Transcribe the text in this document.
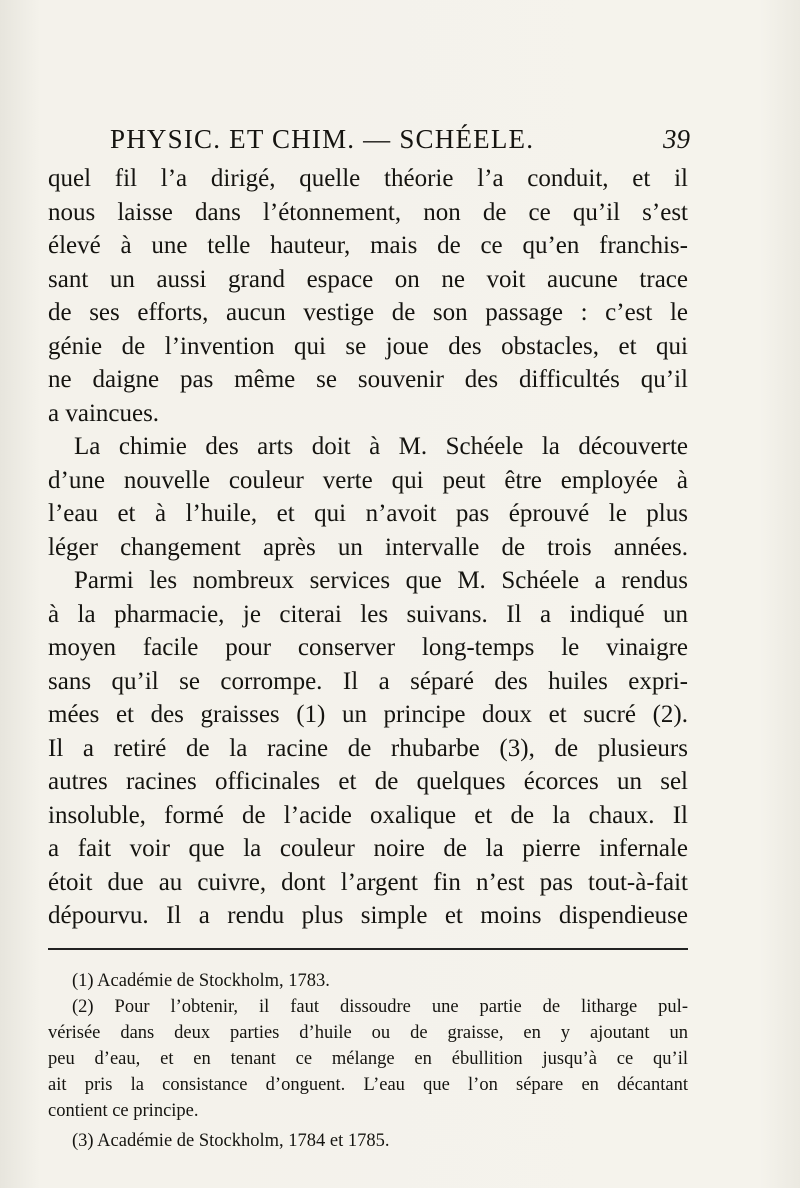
PHYSIC. ET CHIM. — SCHÉELE.	39
quel fil l’a dirigé, quelle théorie l’a conduit, et il
nous laisse dans l’étonnement, non de ce qu’il s’est
élevé à une telle hauteur, mais de ce qu’en franchis-
sant un aussi grand espace on ne voit aucune trace
de ses efforts, aucun vestige de son passage : c’est le
génie de l’invention qui se joue des obstacles, et qui
ne daigne pas même se souvenir des difficultés qu’il
a vaincues.
La chimie des arts doit à M. Schéele la découverte
d’une nouvelle couleur verte qui peut être employée à
l’eau et à l’huile, et qui n’avoit pas éprouvé le plus
léger changement après un intervalle de trois années.
Parmi les nombreux services que M. Schéele a rendus
à la pharmacie, je citerai les suivans. Il a indiqué un
moyen facile pour conserver long-temps le vinaigre
sans qu’il se corrompe. Il a séparé des huiles expri-
mées et des graisses (1) un principe doux et sucré (2).
Il a retiré de la racine de rhubarbe (3), de plusieurs
autres racines officinales et de quelques écorces un sel
insoluble, formé de l’acide oxalique et de la chaux. Il
a fait voir que la couleur noire de la pierre infernale
étoit due au cuivre, dont l’argent fin n’est pas tout-à-fait
dépourvu. Il a rendu plus simple et moins dispendieuse
(1) Académie de Stockholm, 1783.
(2) Pour l’obtenir, il faut dissoudre une partie de litharge pul-
vérisée dans deux parties d’huile ou de graisse, en y ajoutant un
peu d’eau, et en tenant ce mélange en ébullition jusqu’à ce qu’il
ait pris la consistance d’onguent. L’eau que l’on sépare en décantant
contient ce principe.
(3) Académie de Stockholm, 1784 et 1785.
